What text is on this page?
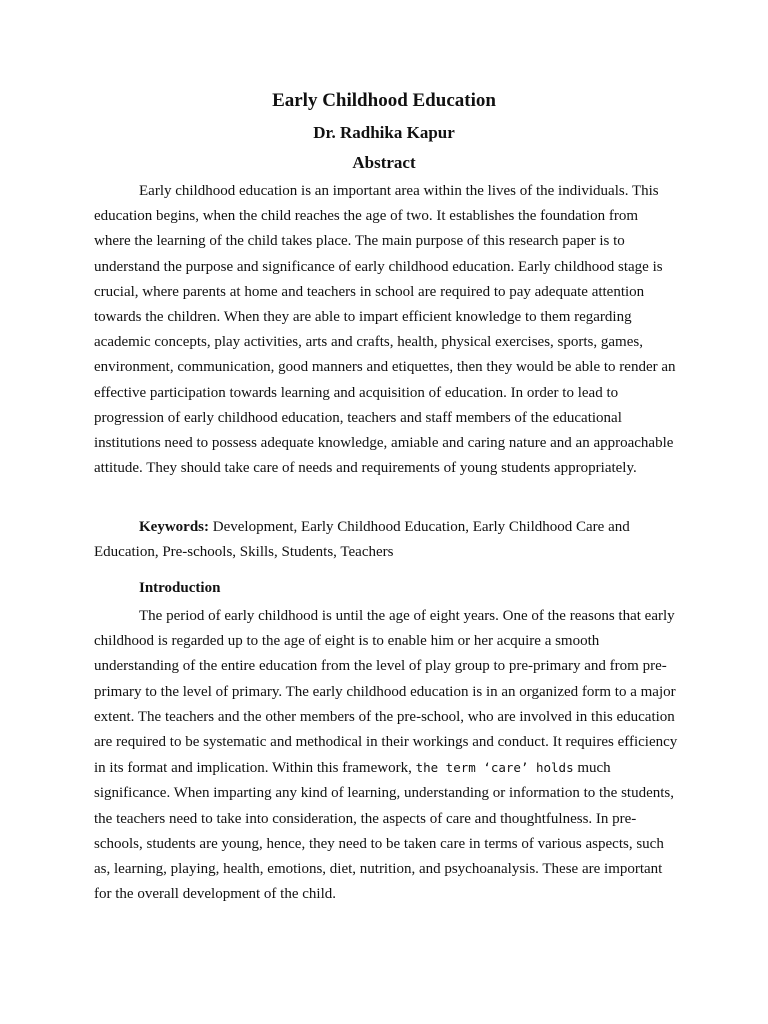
Early Childhood Education
Dr. Radhika Kapur
Abstract

Early childhood education is an important area within the lives of the individuals. This education begins, when the child reaches the age of two. It establishes the foundation from where the learning of the child takes place. The main purpose of this research paper is to understand the purpose and significance of early childhood education. Early childhood stage is crucial, where parents at home and teachers in school are required to pay adequate attention towards the children. When they are able to impart efficient knowledge to them regarding academic concepts, play activities, arts and crafts, health, physical exercises, sports, games, environment, communication, good manners and etiquettes, then they would be able to render an effective participation towards learning and acquisition of education. In order to lead to progression of early childhood education, teachers and staff members of the educational institutions need to possess adequate knowledge, amiable and caring nature and an approachable attitude. They should take care of needs and requirements of young students appropriately.

Keywords: Development, Early Childhood Education, Early Childhood Care and Education, Pre-schools, Skills, Students, Teachers

Introduction

The period of early childhood is until the age of eight years. One of the reasons that early childhood is regarded up to the age of eight is to enable him or her acquire a smooth understanding of the entire education from the level of play group to pre-primary and from pre-primary to the level of primary. The early childhood education is in an organized form to a major extent. The teachers and the other members of the pre-school, who are involved in this education are required to be systematic and methodical in their workings and conduct. It requires efficiency in its format and implication. Within this framework, the term ‘care’ holds much significance. When imparting any kind of learning, understanding or information to the students, the teachers need to take into consideration, the aspects of care and thoughtfulness. In pre-schools, students are young, hence, they need to be taken care in terms of various aspects, such as, learning, playing, health, emotions, diet, nutrition, and psychoanalysis. These are important for the overall development of the child.
